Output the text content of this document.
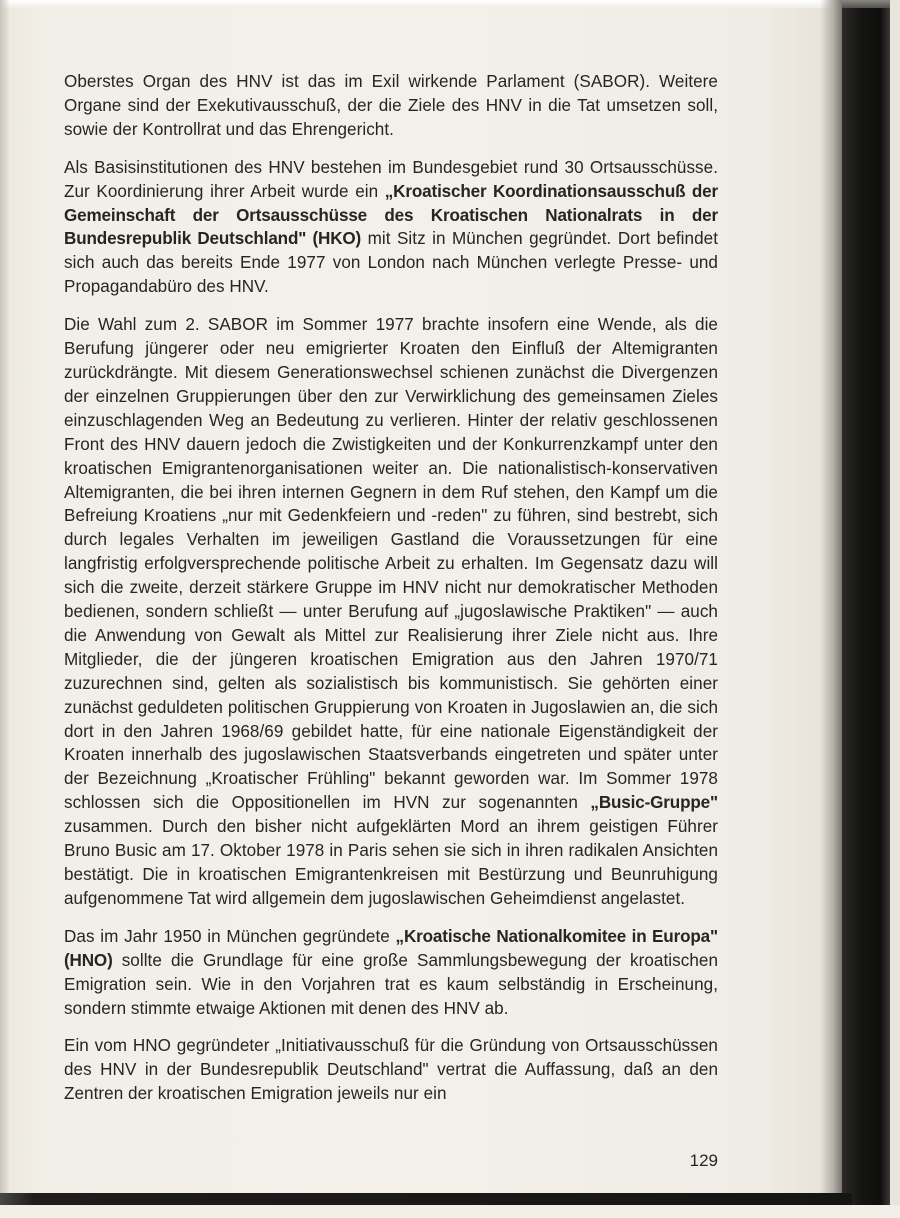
Oberstes Organ des HNV ist das im Exil wirkende Parlament (SABOR). Weitere Organe sind der Exekutivausschuß, der die Ziele des HNV in die Tat umsetzen soll, sowie der Kontrollrat und das Ehrengericht.

Als Basisinstitutionen des HNV bestehen im Bundesgebiet rund 30 Ortsausschüsse. Zur Koordinierung ihrer Arbeit wurde ein „Kroatischer Koordinationsausschuß der Gemeinschaft der Ortsausschüsse des Kroatischen Nationalrats in der Bundesrepublik Deutschland" (HKO) mit Sitz in München gegründet. Dort befindet sich auch das bereits Ende 1977 von London nach München verlegte Presse- und Propagandabüro des HNV.

Die Wahl zum 2. SABOR im Sommer 1977 brachte insofern eine Wende, als die Berufung jüngerer oder neu emigrierter Kroaten den Einfluß der Altemigranten zurückdrängte. Mit diesem Generationswechsel schienen zunächst die Divergenzen der einzelnen Gruppierungen über den zur Verwirklichung des gemeinsamen Zieles einzuschlagenden Weg an Bedeutung zu verlieren. Hinter der relativ geschlossenen Front des HNV dauern jedoch die Zwistigkeiten und der Konkurrenzkampf unter den kroatischen Emigrantenorganisationen weiter an. Die nationalistisch-konservativen Altemigranten, die bei ihren internen Gegnern in dem Ruf stehen, den Kampf um die Befreiung Kroatiens „nur mit Gedenkfeiern und -reden" zu führen, sind bestrebt, sich durch legales Verhalten im jeweiligen Gastland die Voraussetzungen für eine langfristig erfolgversprechende politische Arbeit zu erhalten. Im Gegensatz dazu will sich die zweite, derzeit stärkere Gruppe im HNV nicht nur demokratischer Methoden bedienen, sondern schließt — unter Berufung auf „jugoslawische Praktiken" — auch die Anwendung von Gewalt als Mittel zur Realisierung ihrer Ziele nicht aus. Ihre Mitglieder, die der jüngeren kroatischen Emigration aus den Jahren 1970/71 zuzurechnen sind, gelten als sozialistisch bis kommunistisch. Sie gehörten einer zunächst geduldeten politischen Gruppierung von Kroaten in Jugoslawien an, die sich dort in den Jahren 1968/69 gebildet hatte, für eine nationale Eigenständigkeit der Kroaten innerhalb des jugoslawischen Staatsverbands eingetreten und später unter der Bezeichnung „Kroatischer Frühling" bekannt geworden war. Im Sommer 1978 schlossen sich die Oppositionellen im HVN zur sogenannten „Busic-Gruppe" zusammen. Durch den bisher nicht aufgeklärten Mord an ihrem geistigen Führer Bruno Busic am 17. Oktober 1978 in Paris sehen sie sich in ihren radikalen Ansichten bestätigt. Die in kroatischen Emigrantenkreisen mit Bestürzung und Beunruhigung aufgenommene Tat wird allgemein dem jugoslawischen Geheimdienst angelastet.

Das im Jahr 1950 in München gegründete „Kroatische Nationalkomitee in Europa" (HNO) sollte die Grundlage für eine große Sammlungsbewegung der kroatischen Emigration sein. Wie in den Vorjahren trat es kaum selbständig in Erscheinung, sondern stimmte etwaige Aktionen mit denen des HNV ab.

Ein vom HNO gegründeter „Initiativausschuß für die Gründung von Ortsausschüssen des HNV in der Bundesrepublik Deutschland" vertrat die Auffassung, daß an den Zentren der kroatischen Emigration jeweils nur ein

129
